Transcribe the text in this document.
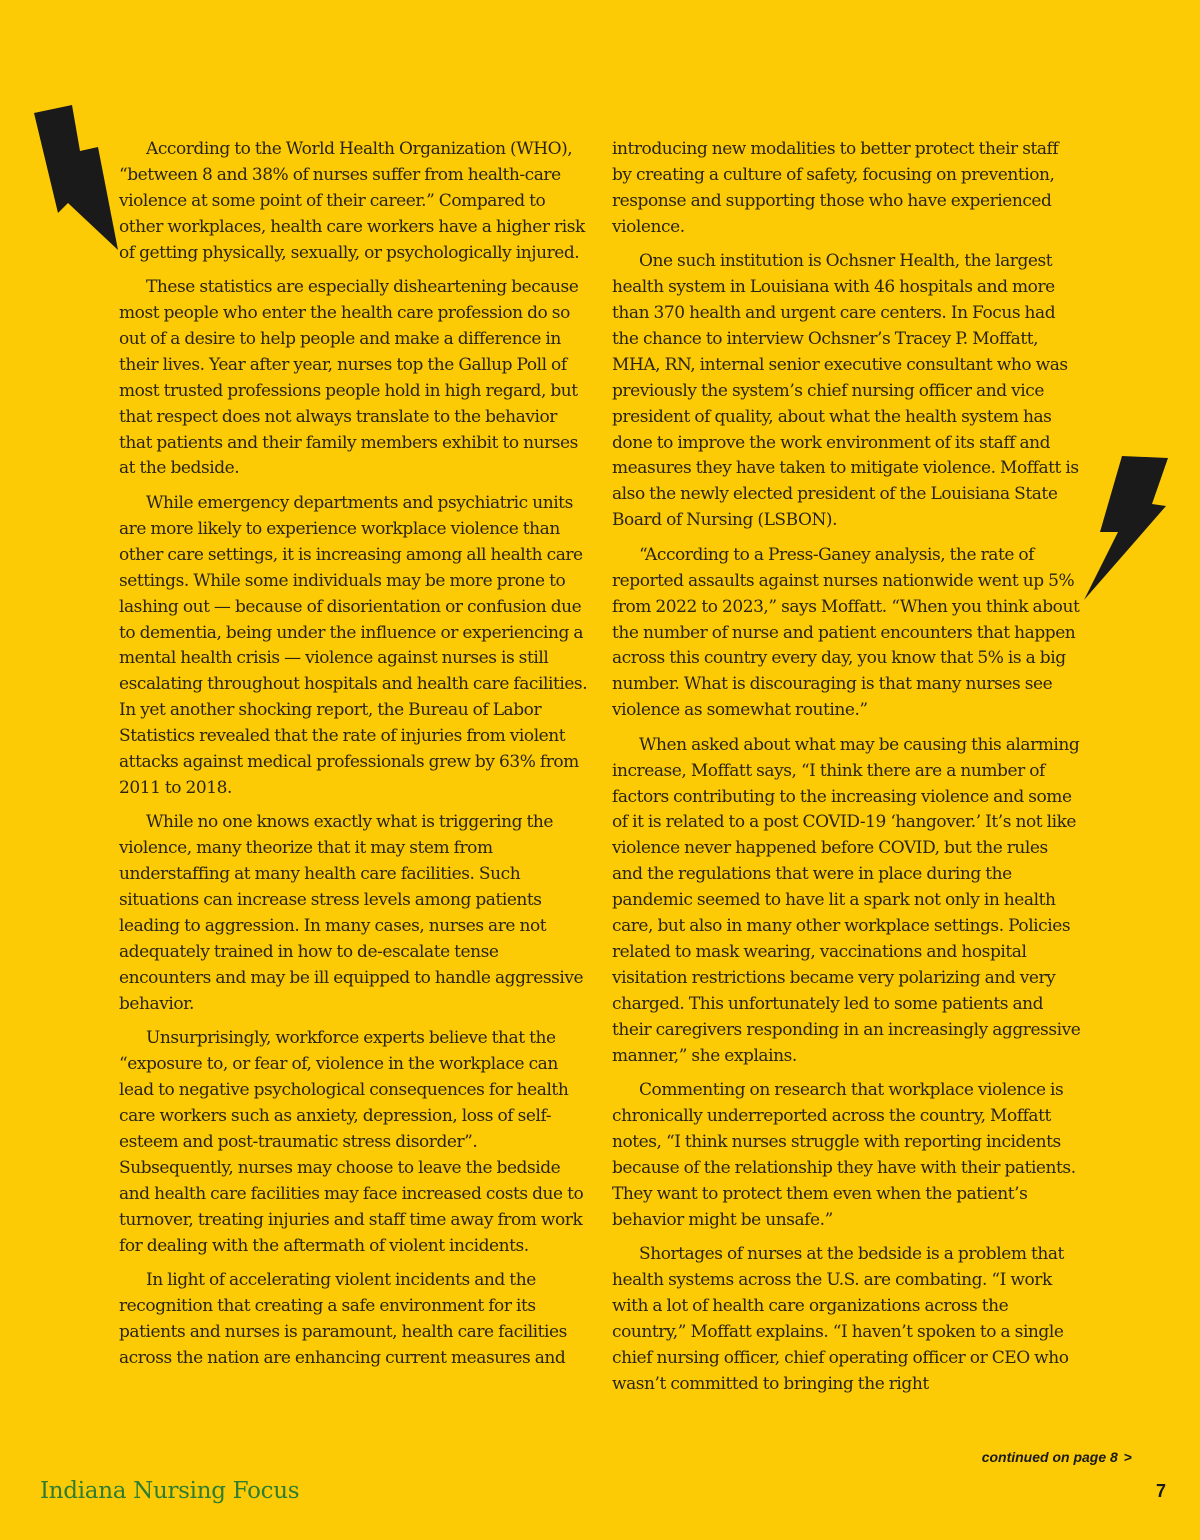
According to the World Health Organization (WHO), “between 8 and 38% of nurses suffer from health-care violence at some point of their career.” Compared to other workplaces, health care workers have a higher risk of getting physically, sexually, or psychologically injured.

These statistics are especially disheartening because most people who enter the health care profession do so out of a desire to help people and make a difference in their lives. Year after year, nurses top the Gallup Poll of most trusted professions people hold in high regard, but that respect does not always translate to the behavior that patients and their family members exhibit to nurses at the bedside.

While emergency departments and psychiatric units are more likely to experience workplace violence than other care settings, it is increasing among all health care settings. While some individuals may be more prone to lashing out — because of disorientation or confusion due to dementia, being under the influence or experiencing a mental health crisis — violence against nurses is still escalating throughout hospitals and health care facilities. In yet another shocking report, the Bureau of Labor Statistics revealed that the rate of injuries from violent attacks against medical professionals grew by 63% from 2011 to 2018.

While no one knows exactly what is triggering the violence, many theorize that it may stem from understaffing at many health care facilities. Such situations can increase stress levels among patients leading to aggression. In many cases, nurses are not adequately trained in how to de-escalate tense encounters and may be ill equipped to handle aggressive behavior.

Unsurprisingly, workforce experts believe that the “exposure to, or fear of, violence in the workplace can lead to negative psychological consequences for health care workers such as anxiety, depression, loss of self-esteem and post-traumatic stress disorder”. Subsequently, nurses may choose to leave the bedside and health care facilities may face increased costs due to turnover, treating injuries and staff time away from work for dealing with the aftermath of violent incidents.

In light of accelerating violent incidents and the recognition that creating a safe environment for its patients and nurses is paramount, health care facilities across the nation are enhancing current measures and

introducing new modalities to better protect their staff by creating a culture of safety, focusing on prevention, response and supporting those who have experienced violence.

One such institution is Ochsner Health, the largest health system in Louisiana with 46 hospitals and more than 370 health and urgent care centers. In Focus had the chance to interview Ochsner’s Tracey P. Moffatt, MHA, RN, internal senior executive consultant who was previously the system’s chief nursing officer and vice president of quality, about what the health system has done to improve the work environment of its staff and measures they have taken to mitigate violence. Moffatt is also the newly elected president of the Louisiana State Board of Nursing (LSBON).

“According to a Press-Ganey analysis, the rate of reported assaults against nurses nationwide went up 5% from 2022 to 2023,” says Moffatt. “When you think about the number of nurse and patient encounters that happen across this country every day, you know that 5% is a big number. What is discouraging is that many nurses see violence as somewhat routine.”

When asked about what may be causing this alarming increase, Moffatt says, “I think there are a number of factors contributing to the increasing violence and some of it is related to a post COVID-19 ‘hangover.’ It’s not like violence never happened before COVID, but the rules and the regulations that were in place during the pandemic seemed to have lit a spark not only in health care, but also in many other workplace settings. Policies related to mask wearing, vaccinations and hospital visitation restrictions became very polarizing and very charged. This unfortunately led to some patients and their caregivers responding in an increasingly aggressive manner,” she explains.

Commenting on research that workplace violence is chronically underreported across the country, Moffatt notes, “I think nurses struggle with reporting incidents because of the relationship they have with their patients. They want to protect them even when the patient’s behavior might be unsafe.”

Shortages of nurses at the bedside is a problem that health systems across the U.S. are combating. “I work with a lot of health care organizations across the country,” Moffatt explains. “I haven’t spoken to a single chief nursing officer, chief operating officer or CEO who wasn’t committed to bringing the right

continued on page 8 >
Indiana Nursing Focus	7
